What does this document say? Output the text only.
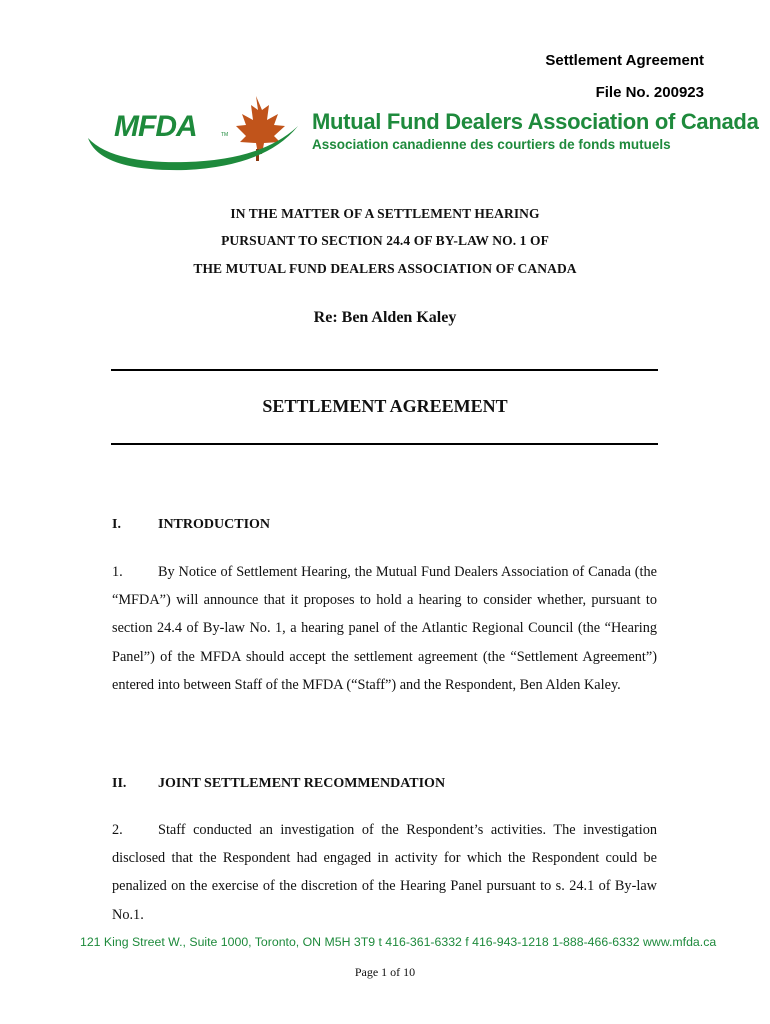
Settlement Agreement
File No. 200923
MFDA	TM
Mutual Fund Dealers Association of Canada
Association canadienne des courtiers de fonds mutuels
IN THE MATTER OF A SETTLEMENT HEARING
PURSUANT TO SECTION 24.4 OF BY-LAW NO. 1 OF
THE MUTUAL FUND DEALERS ASSOCIATION OF CANADA
Re: Ben Alden Kaley
SETTLEMENT AGREEMENT
I.	INTRODUCTION
1. By Notice of Settlement Hearing, the Mutual Fund Dealers Association of Canada (the “MFDA”) will announce that it proposes to hold a hearing to consider whether, pursuant to section 24.4 of By-law No. 1, a hearing panel of the Atlantic Regional Council (the “Hearing Panel”) of the MFDA should accept the settlement agreement (the “Settlement Agreement”) entered into between Staff of the MFDA (“Staff”) and the Respondent, Ben Alden Kaley.
II. JOINT SETTLEMENT RECOMMENDATION
2. Staff conducted an investigation of the Respondent’s activities. The investigation disclosed that the Respondent had engaged in activity for which the Respondent could be penalized on the exercise of the discretion of the Hearing Panel pursuant to s. 24.1 of By-law No.1.
121 King Street W., Suite 1000, Toronto, ON M5H 3T9 t 416-361-6332 f 416-943-1218 1-888-466-6332 www.mfda.ca
Page 1 of 10
